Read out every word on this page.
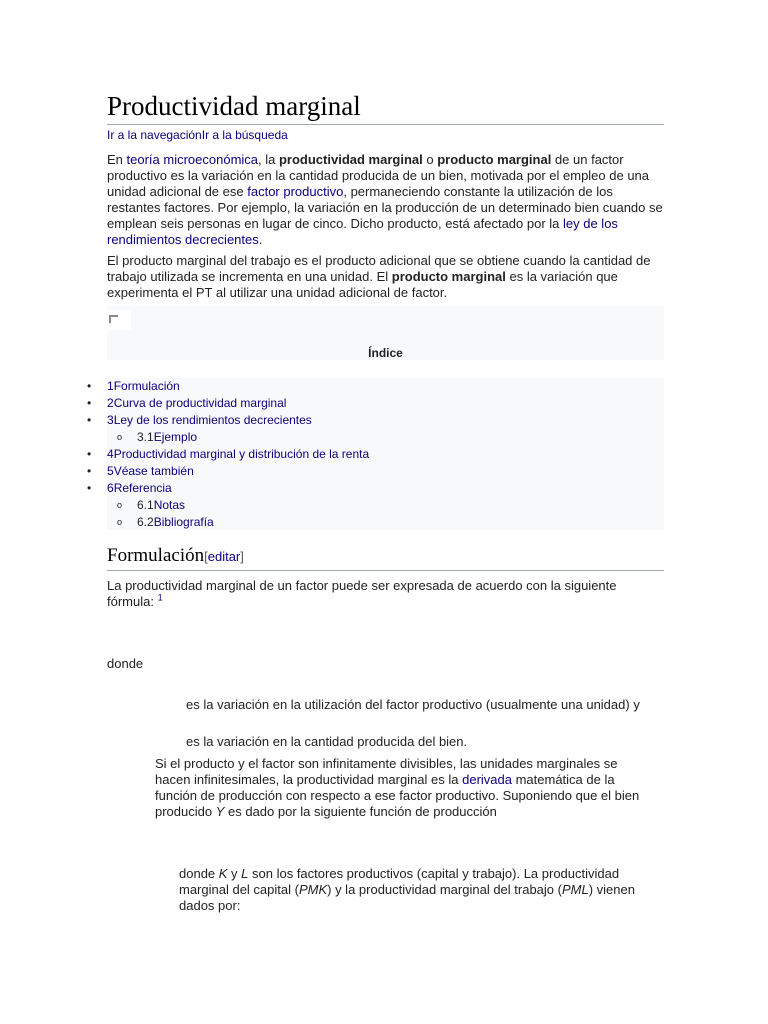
Productividad marginal
Ir a la navegaciónIr a la búsqueda

En teoría microeconómica, la productividad marginal o producto marginal de un factor productivo es la variación en la cantidad producida de un bien, motivada por el empleo de una unidad adicional de ese factor productivo, permaneciendo constante la utilización de los restantes factores. Por ejemplo, la variación en la producción de un determinado bien cuando se emplean seis personas en lugar de cinco. Dicho producto, está afectado por la ley de los rendimientos decrecientes.

El producto marginal del trabajo es el producto adicional que se obtiene cuando la cantidad de trabajo utilizada se incrementa en una unidad. El producto marginal es la variación que experimenta el PT al utilizar una unidad adicional de factor.

Índice
• 1Formulación
• 2Curva de productividad marginal
• 3Ley de los rendimientos decrecientes
o 3.1Ejemplo
• 4Productividad marginal y distribución de la renta
• 5Véase también
• 6Referencia
o 6.1Notas
o 6.2Bibliografía
Formulación[editar]

La productividad marginal de un factor puede ser expresada de acuerdo con la siguiente fórmula: $^1$

donde

es la variación en la utilización del factor productivo (usualmente una unidad) y

es la variación en la cantidad producida del bien.

Si el producto y el factor son infinitamente divisibles, las unidades marginales se hacen infinitesimales, la productividad marginal es la derivada matemática de la función de producción con respecto a ese factor productivo. Suponiendo que el bien producido Y es dado por la siguiente función de producción

donde K y L son los factores productivos (capital y trabajo). La productividad marginal del capital (PMK) y la productividad marginal del trabajo (PML) vienen dados por:
